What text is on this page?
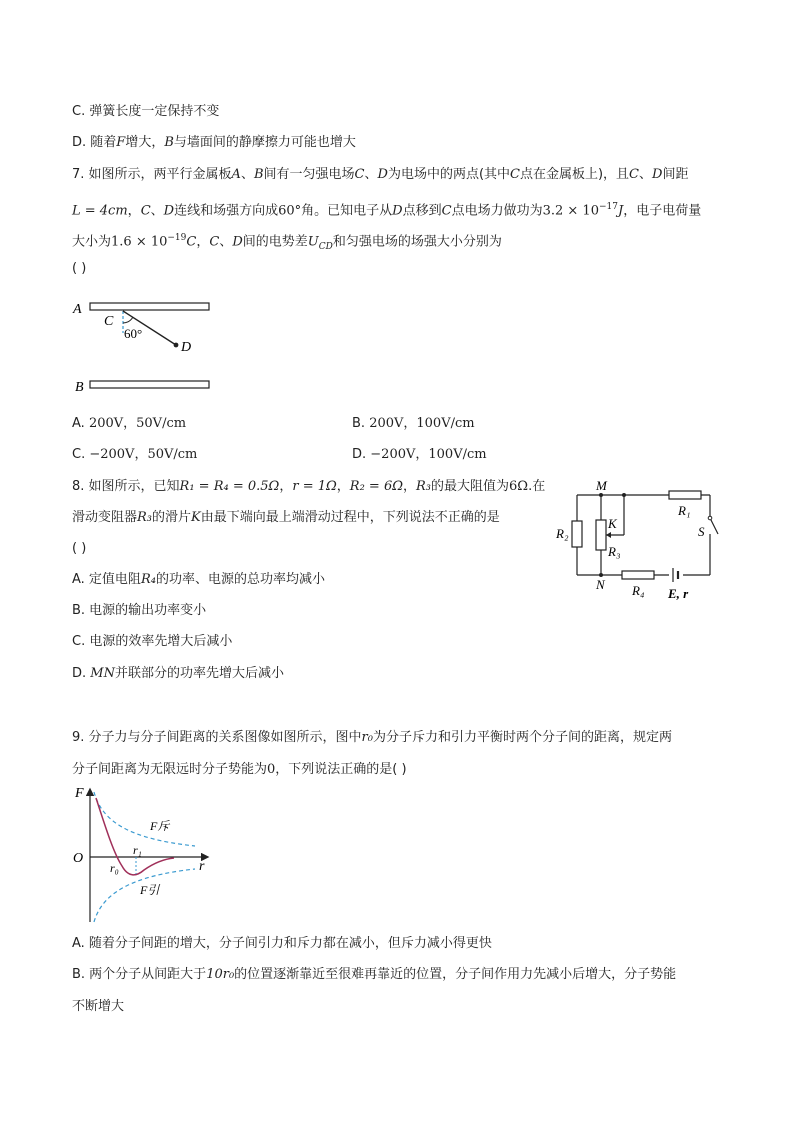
C. 弹簧长度一定保持不变
D. 随着F增大，B与墙面间的静摩擦力可能也增大
7. 如图所示，两平行金属板A、B间有一匀强电场C、D为电场中的两点(其中C点在金属板上)，且C、D间距
L = 4cm，C、D连线和场强方向成60°角。已知电子从D点移到C点电场力做功为$3.2 \times 10^{-17}J$，电子电荷量
大小为$1.6 \times 10^{-19}C$，C、D间的电势差$U_{CD}$和匀强电场的场强大小分别为
( )
A
B
C
D
60°
A. 200V，50V/cm	B. 200V，100V/cm
C. −200V，50V/cm	D. −200V，100V/cm
8. 如图所示，已知R₁ = R₄ = 0.5Ω，r = 1Ω，R₂ = 6Ω，R₃的最大阻值为6Ω.在
滑动变阻器R₃的滑片K由最下端向最上端滑动过程中，下列说法不正确的是
( )
A. 定值电阻R₄的功率、电源的总功率均减小
B. 电源的输出功率变小
C. 电源的效率先增大后减小
D. MN并联部分的功率先增大后减小
M
N
K
R₃
R₂
R₁
S
R₄ E, r
9. 分子力与分子间距离的关系图像如图所示，图中r₀为分子斥力和引力平衡时两个分子间的距离，规定两
分子间距离为无限远时分子势能为0，下列说法正确的是( )
F
O
r
r₀
r₁
F斥
F引
A. 随着分子间距的增大，分子间引力和斥力都在减小，但斥力减小得更快
B. 两个分子从间距大于10r₀的位置逐渐靠近至很难再靠近的位置，分子间作用力先减小后增大，分子势能
不断增大
